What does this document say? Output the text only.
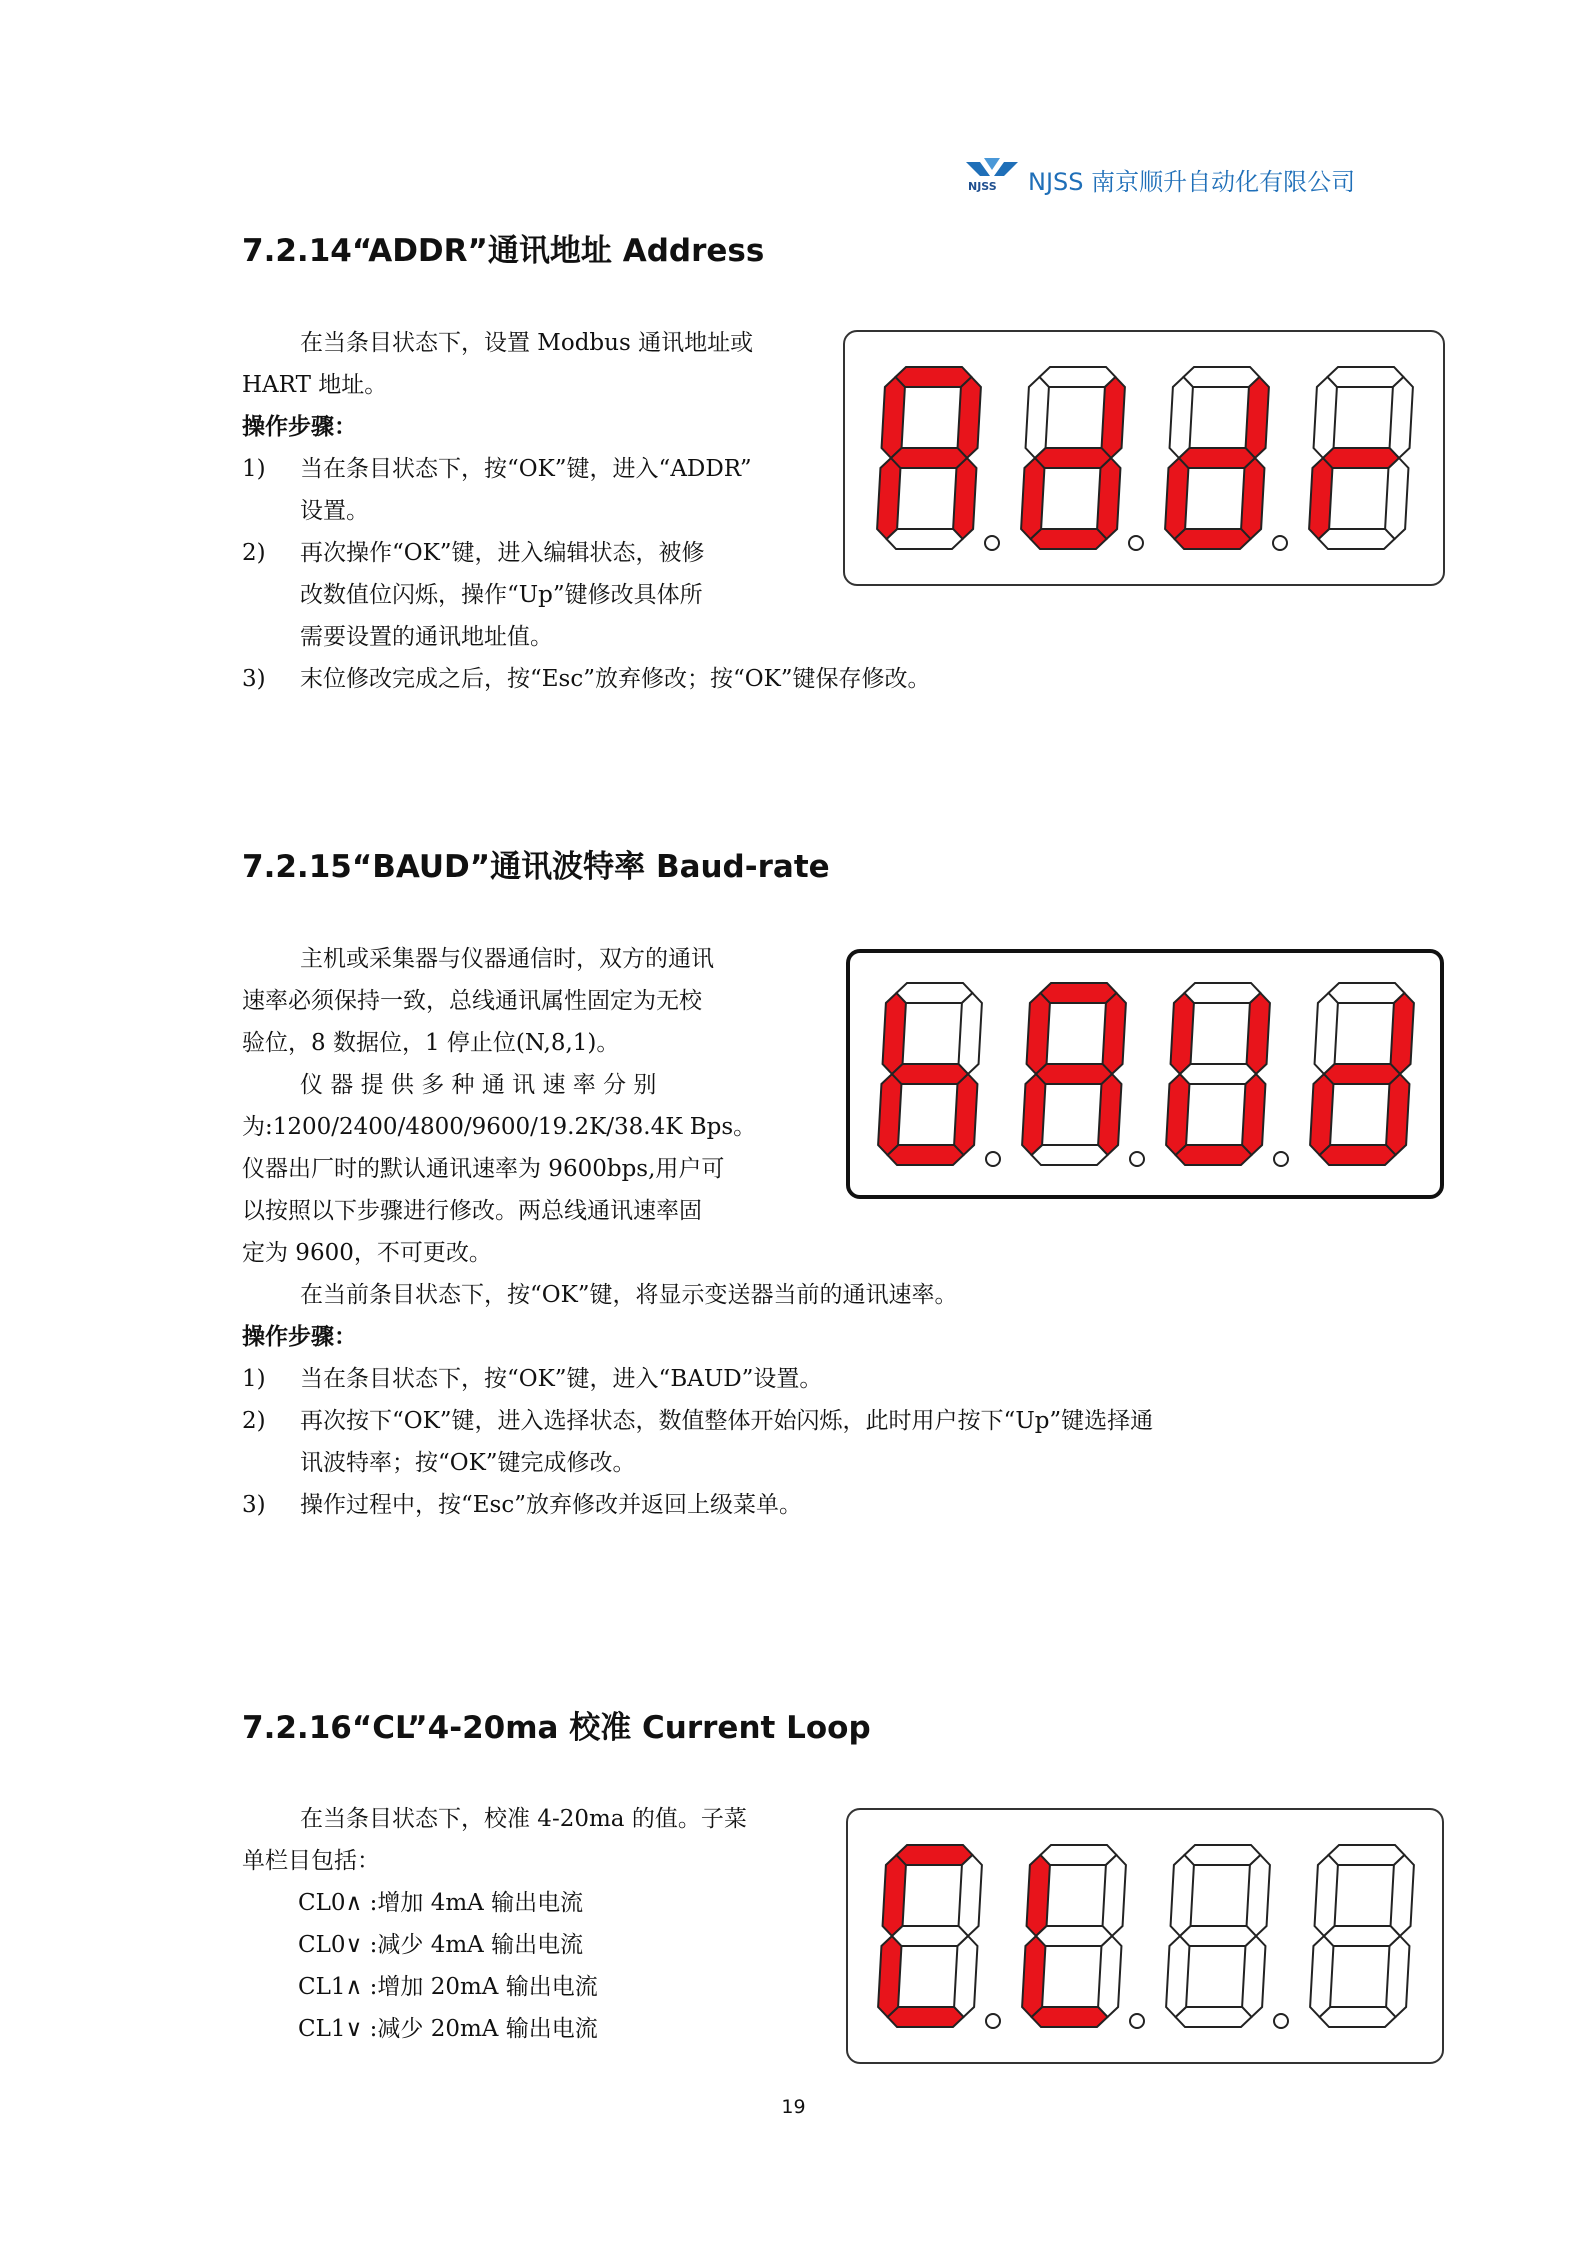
NJSS NJSS 南京顺升自动化有限公司
7.2.14“ADDR”通讯地址 Address
在当条目状态下，设置 Modbus 通讯地址或
HART 地址。
操作步骤：
1) 当在条目状态下，按“OK”键，进入“ADDR”
设置。
2) 再次操作“OK”键，进入编辑状态，被修
改数值位闪烁，操作“Up”键修改具体所
需要设置的通讯地址值。
3) 末位修改完成之后，按“Esc”放弃修改；按“OK”键保存修改。
7.2.15“BAUD”通讯波特率 Baud-rate
主机或采集器与仪器通信时，双方的通讯
速率必须保持一致，总线通讯属性固定为无校
验位，8 数据位，1 停止位(N,8,1)。
仪 器 提 供 多 种 通 讯 速 率 分 别
为:1200/2400/4800/9600/19.2K/38.4K Bps。
仪器出厂时的默认通讯速率为 9600bps,用户可
以按照以下步骤进行修改。两总线通讯速率固
定为 9600，不可更改。
在当前条目状态下，按“OK”键，将显示变送器当前的通讯速率。
操作步骤：
1) 当在条目状态下，按“OK”键，进入“BAUD”设置。
2) 再次按下“OK”键，进入选择状态，数值整体开始闪烁，此时用户按下“Up”键选择通
讯波特率；按“OK”键完成修改。
3) 操作过程中，按“Esc”放弃修改并返回上级菜单。
7.2.16“CL”4-20ma 校准 Current Loop
在当条目状态下，校准 4-20ma 的值。子菜
单栏目包括：
CL0∧ :增加 4mA 输出电流
CL0∨ :减少 4mA 输出电流
CL1∧ :增加 20mA 输出电流
CL1∨ :减少 20mA 输出电流
19
